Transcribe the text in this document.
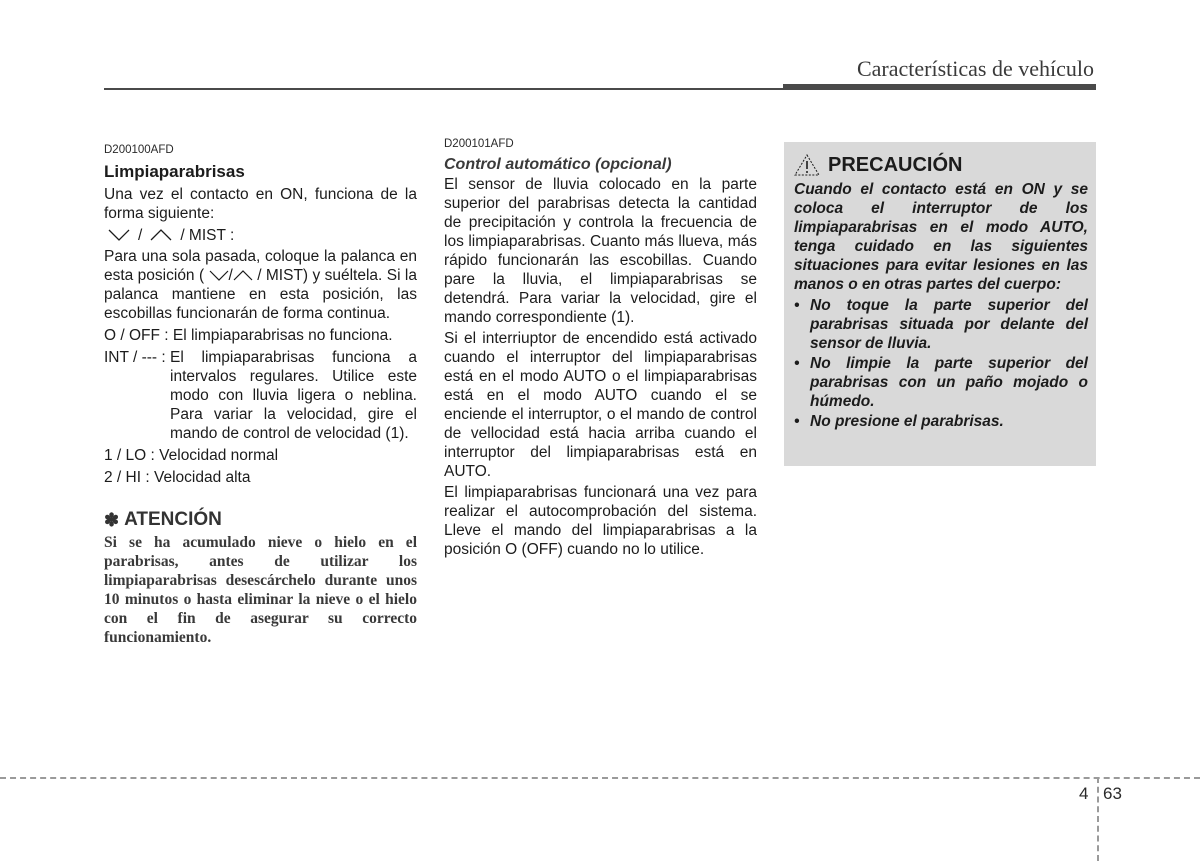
Características de vehículo
D200100AFD
Limpiaparabrisas

Una vez el contacto en ON, funciona de la forma siguiente:

/ / MIST :

Para una sola pasada, coloque la palanca en esta posición ( / / MIST) y suéltela. Si la palanca mantiene en esta posición, las escobillas funcionarán de forma continua.

O / OFF : El limpiaparabrisas no funciona.
INT / --- : El limpiaparabrisas funciona a intervalos regulares. Utilice este modo con lluvia ligera o neblina. Para variar la velocidad, gire el mando de control de velocidad (1).
1 / LO : Velocidad normal
2 / HI : Velocidad alta
✽ ATENCIÓN
Si se ha acumulado nieve o hielo en el parabrisas, antes de utilizar los limpiaparabrisas desescárchelo durante unos 10 minutos o hasta eliminar la nieve o el hielo con el fin de asegurar su correcto funcionamiento.
D200101AFD
Control automático (opcional)

El sensor de lluvia colocado en la parte superior del parabrisas detecta la cantidad de precipitación y controla la frecuencia de los limpiaparabrisas. Cuanto más llueva, más rápido funcionarán las escobillas. Cuando pare la lluvia, el limpiaparabrisas se detendrá. Para variar la velocidad, gire el mando correspondiente (1).

Si el interriuptor de encendido está activado cuando el interruptor del limpiaparabrisas está en el modo AUTO o el limpiaparabrisas está en el modo AUTO cuando el se enciende el interruptor, o el mando de control de vellocidad está hacia arriba cuando el interruptor del limpiaparabrisas está en AUTO.

El limpiaparabrisas funcionará una vez para realizar el autocomprobación del sistema. Lleve el mando del limpiaparabrisas a la posición O (OFF) cuando no lo utilice.

PRECAUCIÓN
Cuando el contacto está en ON y se coloca el interruptor de los limpiaparabrisas en el modo AUTO, tenga cuidado en las siguientes situaciones para evitar lesiones en las manos o en otras partes del cuerpo:
• No toque la parte superior del parabrisas situada por delante del sensor de lluvia.
• No limpie la parte superior del parabrisas con un paño mojado o húmedo.
• No presione el parabrisas.
4 63
